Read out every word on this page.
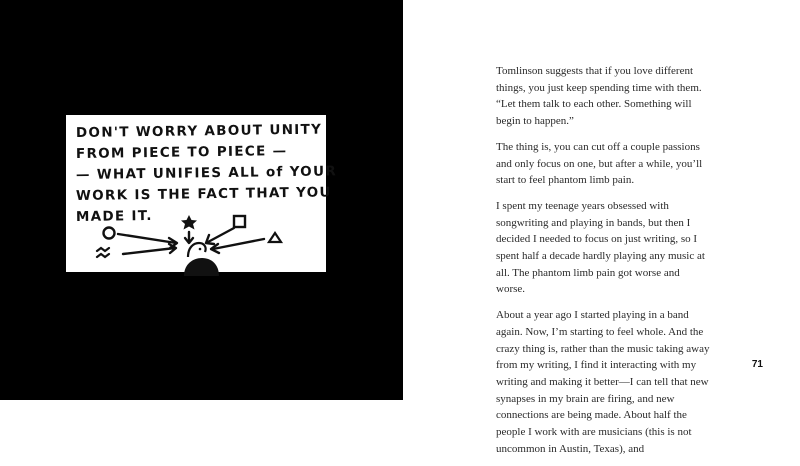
DON'T WORRY ABOUT UNITY

FROM PIECE TO PIECE —

— WHAT UNIFIES ALL of YOUR

WORK IS THE FACT THAT YOU

MADE IT.

Tomlinson suggests that if you love different things, you just keep spending time with them. “Let them talk to each other. Something will begin to happen.”

The thing is, you can cut off a couple passions and only focus on one, but after a while, you’ll start to feel phantom limb pain.

I spent my teenage years obsessed with songwriting and playing in bands, but then I decided I needed to focus on just writing, so I spent half a decade hardly playing any music at all. The phantom limb pain got worse and worse.

About a year ago I started playing in a band again. Now, I’m starting to feel whole. And the crazy thing is, rather than the music taking away from my writing, I find it interacting with my writing and making it better—I can tell that new synapses in my brain are firing, and new connections are being made. About half the people I work with are musicians (this is not uncommon in Austin, Texas), and

71
